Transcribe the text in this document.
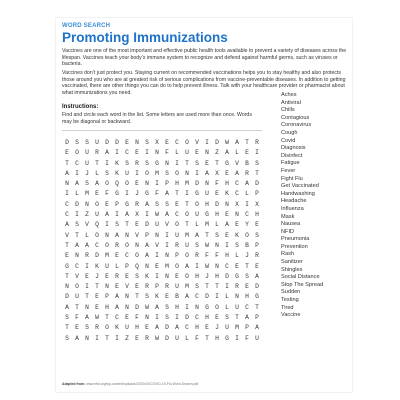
WORD SEARCH
Promoting Immunizations
Vaccines are one of the most important and effective public health tools available to prevent a variety of diseases across the lifespan. Vaccines teach your body’s immune system to recognize and defend against harmful germs, such as viruses or bacteria.
Vaccines don’t just protect you. Staying current on recommended vaccinations helps you to stay healthy and also protects those around you who are at greatest risk of serious complications from vaccine-preventable diseases. In addition to getting vaccinated, there are other things you can do to help prevent illness. Talk with your healthcare provider or pharmacist about what immunizations you need.
Instructions:
Find and circle each word in the list. Some letters are used more than once. Words may be diagonal or backward.
D S S U D D E N S X E C O V I D W A T R
E O U R A I C E I N F L U E N Z A L E I
T C U T I K S R S G N I T S E T G V B S
A I J L S K U I O M S O N I A X E A R T
N A S A O Q O E N I P H M D N F H C A D
I L M E F G I J G F A T I G U E K C L P
C D N O E P G R A S S E T O H D N X I X
C I Z U A I A X I W A C O U G H E N C H
A S V Q I S T E D U V O T L M L A E Y E
V T L O N A N V P N I U M A T S E K O S
T A A C O R O N A V I R U S W N I S B P
E N R D M E C O A I N P O R F F H L J R
G C I K U L P Q N E M O A I W N C E T E
T V E J E R E S K I N E O H J H D G S A
N O I T N E V E R P R U M S T T I R E D
D U T E P A N T S K E B A C D I L N H G
A T N E H A N D W A S H I N G O L U C T
S F A W T C E F N I S I D C H E S T A P
T E S R O K U H E A D A C H E J U M P A
S A N I T I Z E R W D U L F T H G I F U
Aches
Antiviral
Chills
Contagious
Coronavirus
Cough
Covid
Diagnosis
Disinfect
Fatigue
Fever
Fight Flu
Get Vaccinated
Handwashing
Headache
Influenza
Mask
Nausea
NFID
Pneumonia
Prevention
Rash
Sanitizer
Shingles
Social Distance
Stop The Spread
Sudden
Testing
Tired
Vaccine
Adapted from: www.nfid.org/wp-content/uploads/2020/10/COVID-19-Flu-Word-Search.pdf
